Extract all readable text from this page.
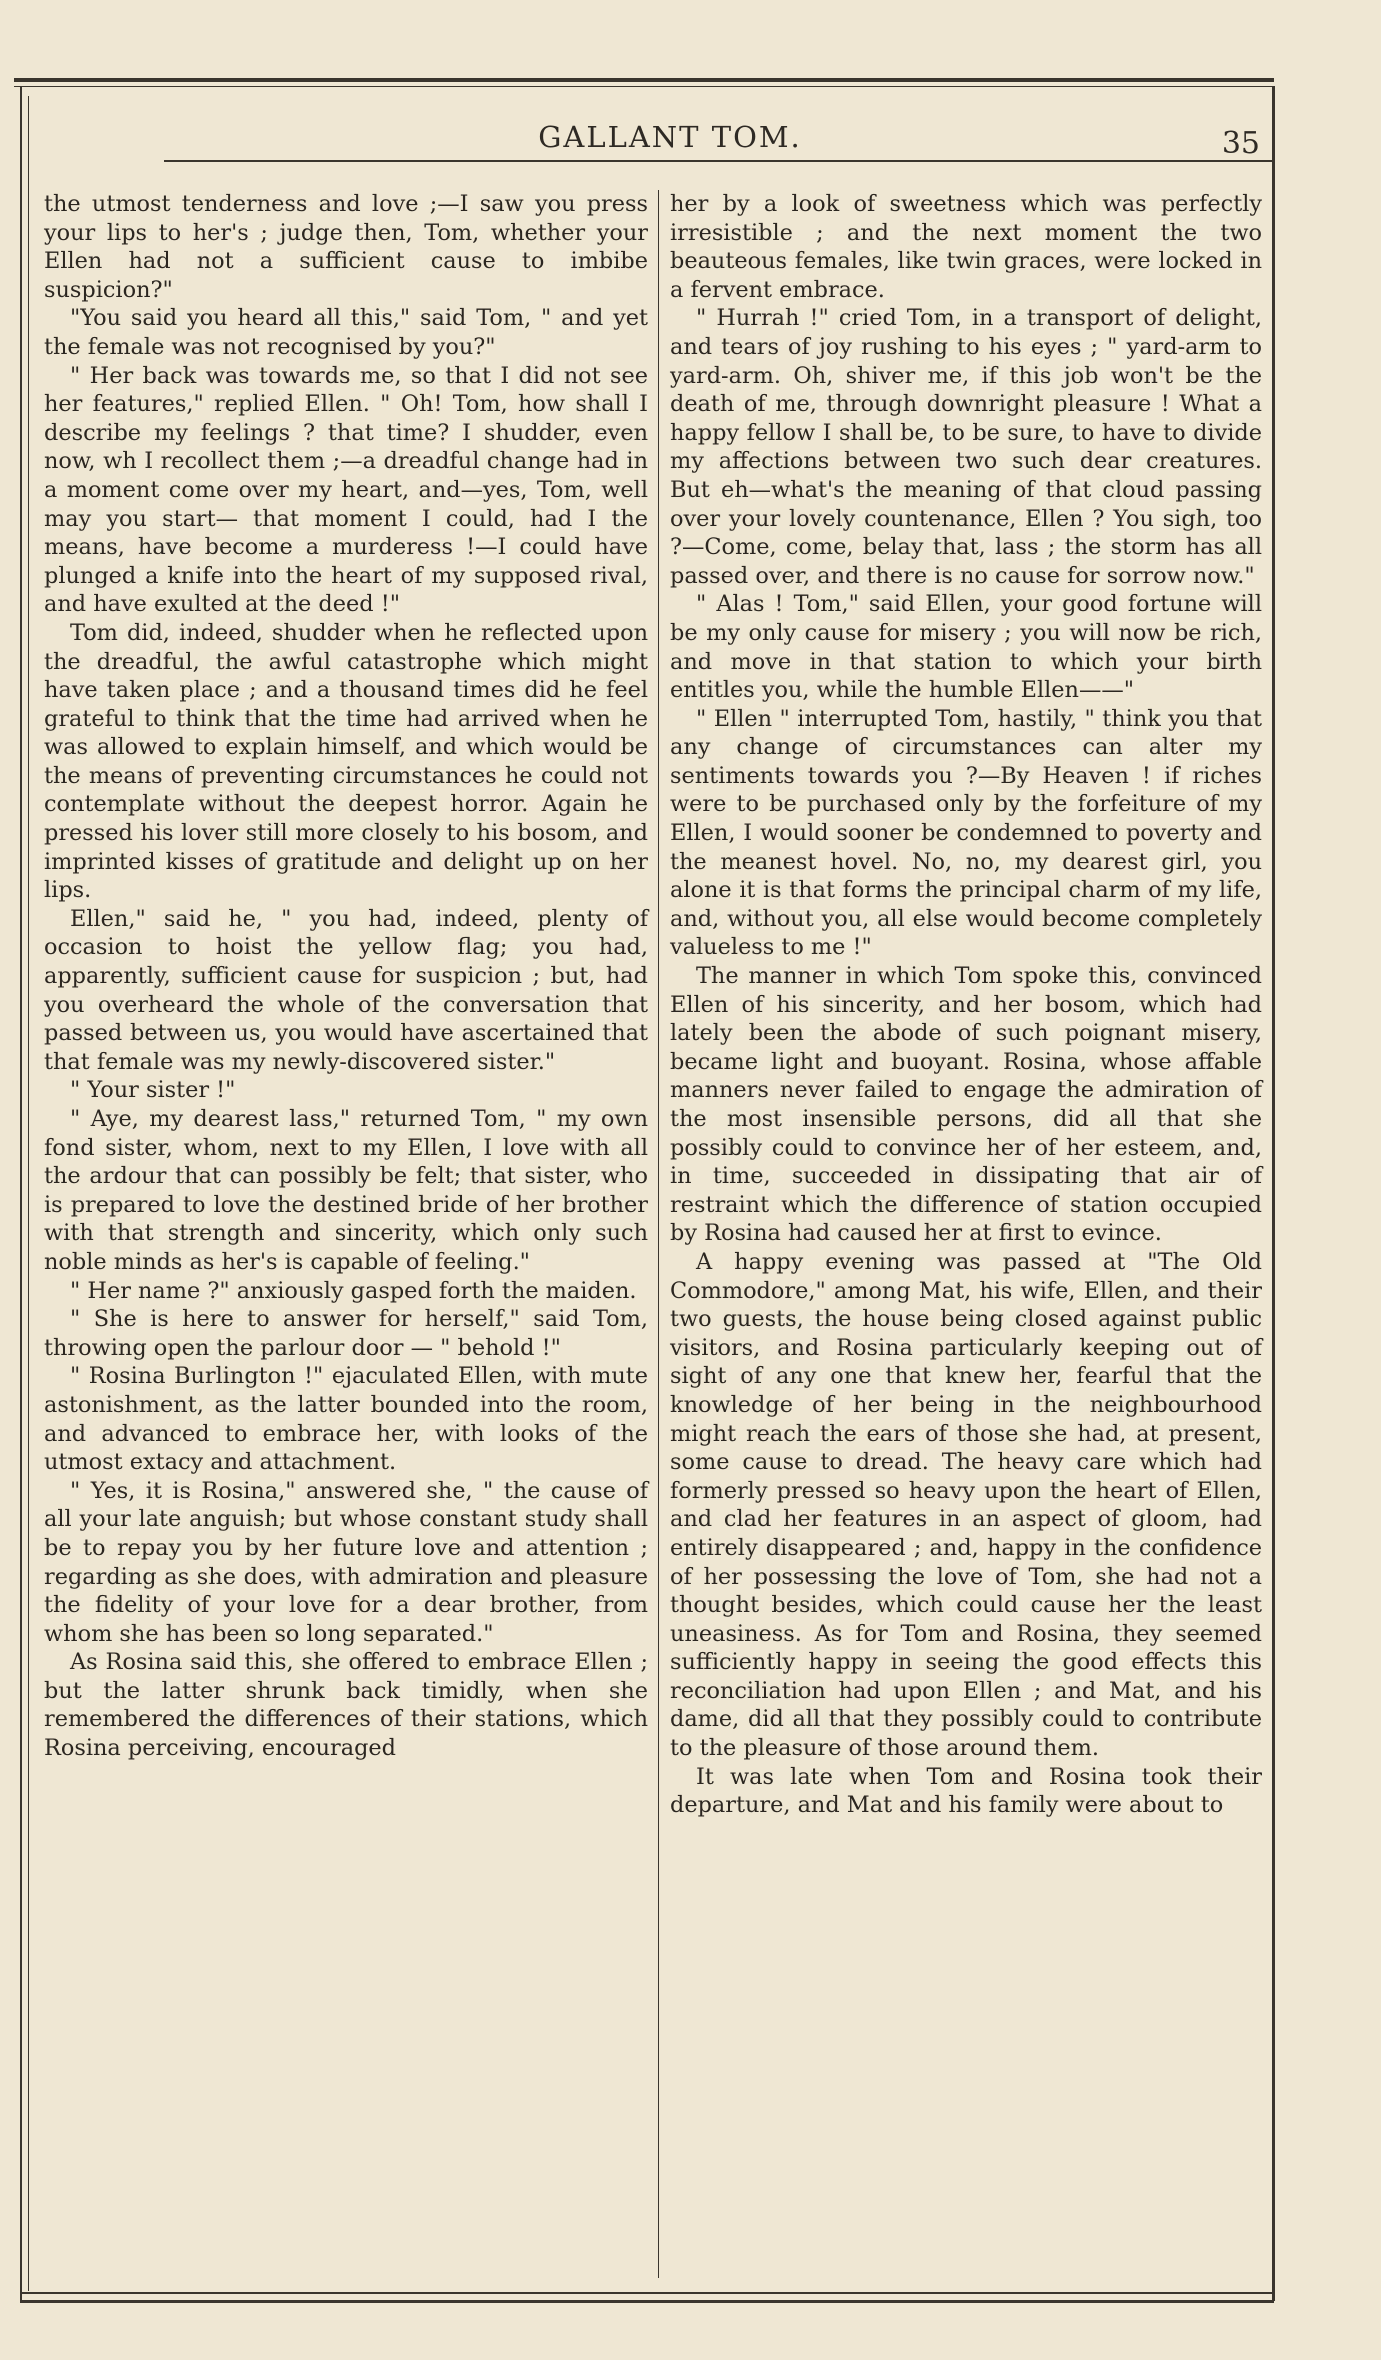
GALLANT TOM.	35

the utmost tenderness and love ;—I saw you press your lips to her's ; judge then, Tom, whether your Ellen had not a sufficient cause to imbibe suspicion?"

"You said you heard all this," said Tom, " and yet the female was not recognised by you?"

" Her back was towards me, so that I did not see her features," replied Ellen. " Oh! Tom, how shall I describe my feelings ? that time? I shudder, even now, wh I recollect them ;—a dreadful change had in a moment come over my heart, and—yes, Tom, well may you start— that moment I could, had I the means, have become a murderess !—I could have plunged a knife into the heart of my supposed rival, and have exulted at the deed !"

Tom did, indeed, shudder when he reflected upon the dreadful, the awful catastrophe which might have taken place ; and a thousand times did he feel grateful to think that the time had arrived when he was allowed to explain himself, and which would be the means of preventing circumstances he could not contemplate without the deepest horror. Again he pressed his lover still more closely to his bosom, and imprinted kisses of gratitude and delight up on her lips.

Ellen," said he, " you had, indeed, plenty of occasion to hoist the yellow flag; you had, apparently, sufficient cause for suspicion ; but, had you overheard the whole of the conversation that passed between us, you would have ascertained that that female was my newly-discovered sister."

" Your sister !"

" Aye, my dearest lass," returned Tom, " my own fond sister, whom, next to my Ellen, I love with all the ardour that can possibly be felt; that sister, who is prepared to love the destined bride of her brother with that strength and sincerity, which only such noble minds as her's is capable of feeling."

" Her name ?" anxiously gasped forth the maiden.

" She is here to answer for herself," said Tom, throwing open the parlour door — " behold !"

" Rosina Burlington !" ejaculated Ellen, with mute astonishment, as the latter bounded into the room, and advanced to embrace her, with looks of the utmost extacy and attachment.

" Yes, it is Rosina," answered she, " the cause of all your late anguish; but whose constant study shall be to repay you by her future love and attention ; regarding as she does, with admiration and pleasure the fidelity of your love for a dear brother, from whom she has been so long separated."

As Rosina said this, she offered to embrace Ellen ; but the latter shrunk back timidly, when she remembered the differences of their stations, which Rosina perceiving, encouraged

her by a look of sweetness which was perfectly irresistible ; and the next moment the two beauteous females, like twin graces, were locked in a fervent embrace.

" Hurrah !" cried Tom, in a transport of delight, and tears of joy rushing to his eyes ; " yard-arm to yard-arm. Oh, shiver me, if this job won't be the death of me, through downright pleasure ! What a happy fellow I shall be, to be sure, to have to divide my affections between two such dear creatures. But eh—what's the meaning of that cloud passing over your lovely countenance, Ellen ? You sigh, too ?—Come, come, belay that, lass ; the storm has all passed over, and there is no cause for sorrow now."

" Alas ! Tom," said Ellen, your good fortune will be my only cause for misery ; you will now be rich, and move in that station to which your birth entitles you, while the humble Ellen——"

" Ellen " interrupted Tom, hastily, " think you that any change of circumstances can alter my sentiments towards you ?—By Heaven ! if riches were to be purchased only by the forfeiture of my Ellen, I would sooner be condemned to poverty and the meanest hovel. No, no, my dearest girl, you alone it is that forms the principal charm of my life, and, without you, all else would become completely valueless to me !"

The manner in which Tom spoke this, convinced Ellen of his sincerity, and her bosom, which had lately been the abode of such poignant misery, became light and buoyant. Rosina, whose affable manners never failed to engage the admiration of the most insensible persons, did all that she possibly could to convince her of her esteem, and, in time, succeeded in dissipating that air of restraint which the difference of station occupied by Rosina had caused her at first to evince.

A happy evening was passed at "The Old Commodore," among Mat, his wife, Ellen, and their two guests, the house being closed against public visitors, and Rosina particularly keeping out of sight of any one that knew her, fearful that the knowledge of her being in the neighbourhood might reach the ears of those she had, at present, some cause to dread. The heavy care which had formerly pressed so heavy upon the heart of Ellen, and clad her features in an aspect of gloom, had entirely disappeared ; and, happy in the confidence of her possessing the love of Tom, she had not a thought besides, which could cause her the least uneasiness. As for Tom and Rosina, they seemed sufficiently happy in seeing the good effects this reconciliation had upon Ellen ; and Mat, and his dame, did all that they possibly could to contribute to the pleasure of those around them.

It was late when Tom and Rosina took their departure, and Mat and his family were about to
